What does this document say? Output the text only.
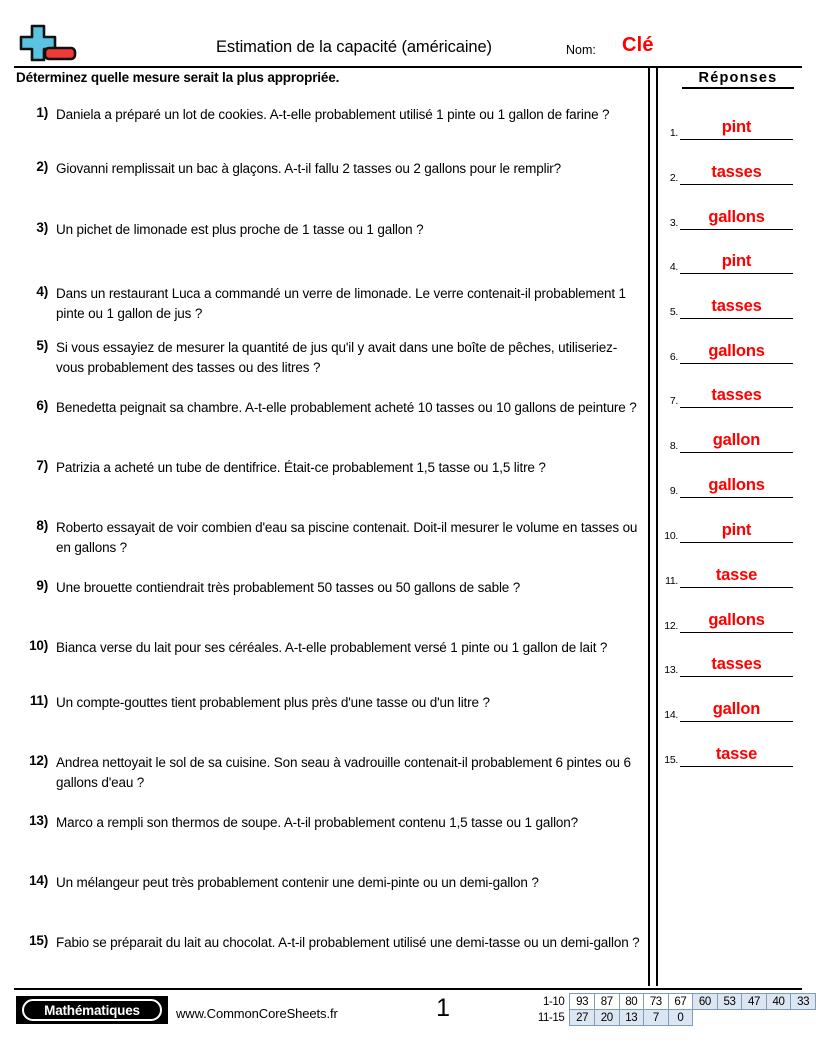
Estimation de la capacité (américaine)	Nom: Clé
Déterminez quelle mesure serait la plus appropriée.	Réponses
1) Daniela a préparé un lot de cookies. A-t-elle probablement utilisé 1 pinte ou 1 gallon de farine ?
2) Giovanni remplissait un bac à glaçons. A-t-il fallu 2 tasses ou 2 gallons pour le remplir?
3) Un pichet de limonade est plus proche de 1 tasse ou 1 gallon ?
4) Dans un restaurant Luca a commandé un verre de limonade. Le verre contenait-il probablement 1 pinte ou 1 gallon de jus ?
5) Si vous essayiez de mesurer la quantité de jus qu'il y avait dans une boîte de pêches, utiliseriez-vous probablement des tasses ou des litres ?
6) Benedetta peignait sa chambre. A-t-elle probablement acheté 10 tasses ou 10 gallons de peinture ?
7) Patrizia a acheté un tube de dentifrice. Était-ce probablement 1,5 tasse ou 1,5 litre ?
8) Roberto essayait de voir combien d'eau sa piscine contenait. Doit-il mesurer le volume en tasses ou en gallons ?
9) Une brouette contiendrait très probablement 50 tasses ou 50 gallons de sable ?
10) Bianca verse du lait pour ses céréales. A-t-elle probablement versé 1 pinte ou 1 gallon de lait ?
11) Un compte-gouttes tient probablement plus près d'une tasse ou d'un litre ?
12) Andrea nettoyait le sol de sa cuisine. Son seau à vadrouille contenait-il probablement 6 pintes ou 6 gallons d'eau ?
13) Marco a rempli son thermos de soupe. A-t-il probablement contenu 1,5 tasse ou 1 gallon?
14) Un mélangeur peut très probablement contenir une demi-pinte ou un demi-gallon ?
15) Fabio se préparait du lait au chocolat. A-t-il probablement utilisé une demi-tasse ou un demi-gallon ?
1.	pint
2.	tasses
3.	gallons
4.	pint
5.	tasses
6.	gallons
7.	tasses
8.	gallon
9.	gallons
10.	pint
11.	tasse
12.	gallons
13.	tasses
14.	gallon
15.	tasse
Mathématiques	www.CommonCoreSheets.fr	1	1-10	93	87	80	73	67	60	53	47	40	33
11-15	27	20	13	7	0					
